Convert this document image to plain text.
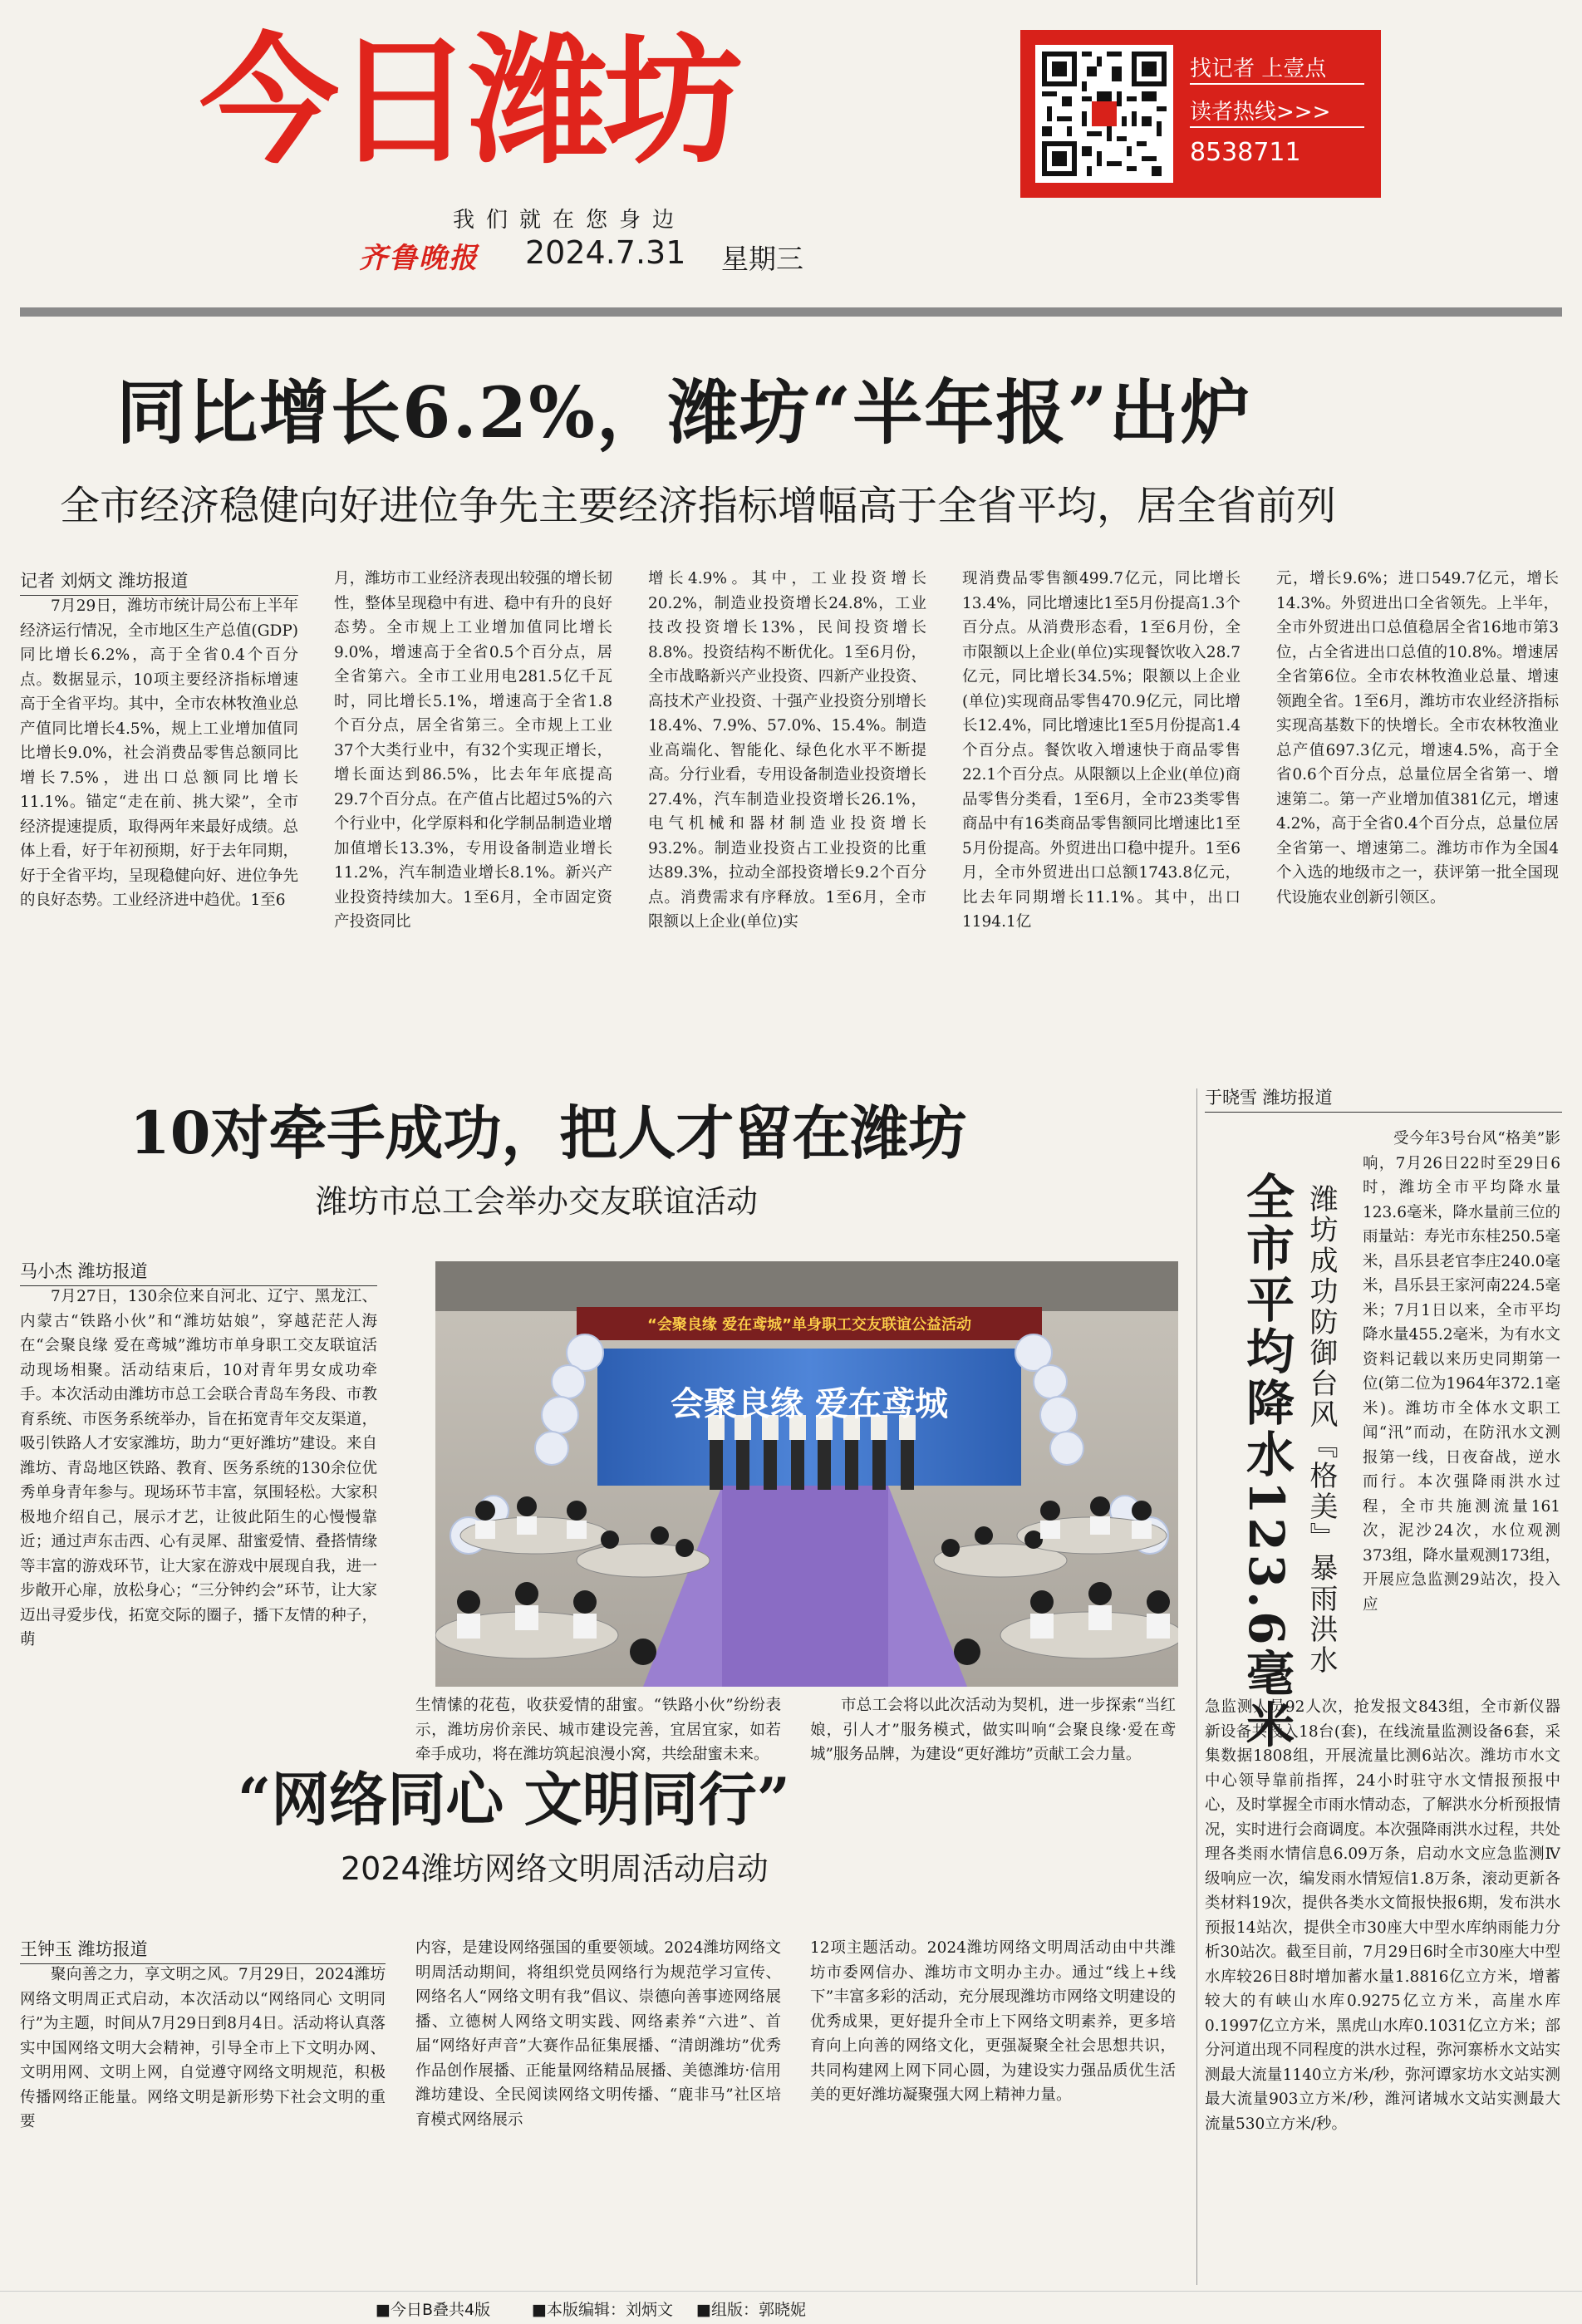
今日潍坊
我们就在您身边
齐鲁晚报 2024.7.31 星期三
找记者 上壹点
读者热线>>>
8538711
同比增长6.2%，潍坊“半年报”出炉
全市经济稳健向好进位争先主要经济指标增幅高于全省平均，居全省前列
记者 刘炳文 潍坊报道

7月29日，潍坊市统计局公布上半年经济运行情况，全市地区生产总值(GDP)同比增长6.2%，高于全省0.4个百分点。数据显示，10项主要经济指标增速高于全省平均。其中，全市农林牧渔业总产值同比增长4.5%，规上工业增加值同比增长9.0%，社会消费品零售总额同比增长7.5%，进出口总额同比增长11.1%。锚定“走在前、挑大梁”，全市经济提速提质，取得两年来最好成绩。总体上看，好于年初预期，好于去年同期，好于全省平均，呈现稳健向好、进位争先的良好态势。工业经济进中趋优。1至6

月，潍坊市工业经济表现出较强的增长韧性，整体呈现稳中有进、稳中有升的良好态势。全市规上工业增加值同比增长9.0%，增速高于全省0.5个百分点，居全省第六。全市工业用电281.5亿千瓦时，同比增长5.1%，增速高于全省1.8个百分点，居全省第三。全市规上工业37个大类行业中，有32个实现正增长，增长面达到86.5%，比去年年底提高29.7个百分点。在产值占比超过5%的六个行业中，化学原料和化学制品制造业增加值增长13.3%，专用设备制造业增长11.2%，汽车制造业增长8.1%。新兴产业投资持续加大。1至6月，全市固定资产投资同比

增长4.9%。其中，工业投资增长20.2%，制造业投资增长24.8%，工业技改投资增长13%，民间投资增长8.8%。投资结构不断优化。1至6月份，全市战略新兴产业投资、四新产业投资、高技术产业投资、十强产业投资分别增长18.4%、7.9%、57.0%、15.4%。制造业高端化、智能化、绿色化水平不断提高。分行业看，专用设备制造业投资增长27.4%，汽车制造业投资增长26.1%，电气机械和器材制造业投资增长93.2%。制造业投资占工业投资的比重达89.3%，拉动全部投资增长9.2个百分点。消费需求有序释放。1至6月，全市限额以上企业(单位)实

现消费品零售额499.7亿元，同比增长13.4%，同比增速比1至5月份提高1.3个百分点。从消费形态看，1至6月份，全市限额以上企业(单位)实现餐饮收入28.7亿元，同比增长34.5%；限额以上企业(单位)实现商品零售470.9亿元，同比增长12.4%，同比增速比1至5月份提高1.4个百分点。餐饮收入增速快于商品零售22.1个百分点。从限额以上企业(单位)商品零售分类看，1至6月，全市23类零售商品中有16类商品零售额同比增速比1至5月份提高。外贸进出口稳中提升。1至6月，全市外贸进出口总额1743.8亿元，比去年同期增长11.1%。其中，出口1194.1亿

元，增长9.6%；进口549.7亿元，增长14.3%。外贸进出口全省领先。上半年，全市外贸进出口总值稳居全省16地市第3位，占全省进出口总值的10.8%。增速居全省第6位。全市农林牧渔业总量、增速领跑全省。1至6月，潍坊市农业经济指标实现高基数下的快增长。全市农林牧渔业总产值697.3亿元，增速4.5%，高于全省0.6个百分点，总量位居全省第一、增速第二。第一产业增加值381亿元，增速4.2%，高于全省0.4个百分点，总量位居全省第一、增速第二。潍坊市作为全国4个入选的地级市之一，获评第一批全国现代设施农业创新引领区。

10对牵手成功，把人才留在潍坊
潍坊市总工会举办交友联谊活动
马小杰 潍坊报道

7月27日，130余位来自河北、辽宁、黑龙江、内蒙古“铁路小伙”和“潍坊姑娘”，穿越茫茫人海在“会聚良缘 爱在鸢城”潍坊市单身职工交友联谊活动现场相聚。活动结束后，10对青年男女成功牵手。本次活动由潍坊市总工会联合青岛车务段、市教育系统、市医务系统举办，旨在拓宽青年交友渠道，吸引铁路人才安家潍坊，助力“更好潍坊”建设。来自潍坊、青岛地区铁路、教育、医务系统的130余位优秀单身青年参与。现场环节丰富，氛围轻松。大家积极地介绍自己，展示才艺，让彼此陌生的心慢慢靠近；通过声东击西、心有灵犀、甜蜜爱情、叠搭情缘等丰富的游戏环节，让大家在游戏中展现自我，进一步敞开心扉，放松身心；“三分钟约会”环节，让大家迈出寻爱步伐，拓宽交际的圈子，播下友情的种子，萌

“会聚良缘 爱在鸢城”单身职工交友联谊公益活动
会聚良缘 爱在鸢城

生情愫的花苞，收获爱情的甜蜜。“铁路小伙”纷纷表示，潍坊房价亲民、城市建设完善，宜居宜家，如若牵手成功，将在潍坊筑起浪漫小窝，共绘甜蜜未来。

市总工会将以此次活动为契机，进一步探索“当红娘，引人才”服务模式，做实叫响“会聚良缘·爱在鸢城”服务品牌，为建设“更好潍坊”贡献工会力量。

“网络同心 文明同行”
2024潍坊网络文明周活动启动
王钟玉 潍坊报道

聚向善之力，享文明之风。7月29日，2024潍坊网络文明周正式启动，本次活动以“网络同心 文明同行”为主题，时间从7月29日到8月4日。活动将认真落实中国网络文明大会精神，引导全市上下文明办网、文明用网、文明上网，自觉遵守网络文明规范，积极传播网络正能量。网络文明是新形势下社会文明的重要

内容，是建设网络强国的重要领域。2024潍坊网络文明周活动期间，将组织党员网络行为规范学习宣传、网络名人“网络文明有我”倡议、崇德向善事迹网络展播、立德树人网络文明实践、网络素养“六进”、首届“网络好声音”大赛作品征集展播、“清朗潍坊”优秀作品创作展播、正能量网络精品展播、美德潍坊·信用潍坊建设、全民阅读网络文明传播、“鹿非马”社区培育模式网络展示

12项主题活动。2024潍坊网络文明周活动由中共潍坊市委网信办、潍坊市文明办主办。通过“线上+线下”丰富多彩的活动，充分展现潍坊市网络文明建设的优秀成果，更好提升全市上下网络文明素养，更多培育向上向善的网络文化，更强凝聚全社会思想共识，共同构建网上网下同心圆，为建设实力强品质优生活美的更好潍坊凝聚强大网上精神力量。

于晓雪 潍坊报道
全市平均降水123.6毫米 潍坊成功防御台风『格美』暴雨洪水

受今年3号台风“格美”影响，7月26日22时至29日6时，潍坊全市平均降水量123.6毫米，降水量前三位的雨量站：寿光市东桂250.5毫米，昌乐县老官李庄240.0毫米，昌乐县王家河南224.5毫米；7月1日以来，全市平均降水量455.2毫米，为有水文资料记载以来历史同期第一位(第二位为1964年372.1毫米)。潍坊市全体水文职工闻“汛”而动，在防汛水文测报第一线，日夜奋战，逆水而行。本次强降雨洪水过程，全市共施测流量161次，泥沙24次，水位观测373组，降水量观测173组，开展应急监测29站次，投入应

急监测人员92人次，抢发报文843组，全市新仪器新设备共投入18台(套)，在线流量监测设备6套，采集数据1808组，开展流量比测6站次。潍坊市水文中心领导靠前指挥，24小时驻守水文情报预报中心，及时掌握全市雨水情动态，了解洪水分析预报情况，实时进行会商调度。本次强降雨洪水过程，共处理各类雨水情信息6.09万条，启动水文应急监测Ⅳ级响应一次，编发雨水情短信1.8万条，滚动更新各类材料19次，提供各类水文简报快报6期，发布洪水预报14站次，提供全市30座大中型水库纳雨能力分析30站次。截至目前，7月29日6时全市30座大中型水库较26日8时增加蓄水量1.8816亿立方米，增蓄较大的有峡山水库0.9275亿立方米，高崖水库0.1997亿立方米，黑虎山水库0.1031亿立方米；部分河道出现不同程度的洪水过程，弥河寨桥水文站实测最大流量1140立方米/秒，弥河谭家坊水文站实测最大流量903立方米/秒，潍河诸城水文站实测最大流量530立方米/秒。

■今日B叠共4版	■本版编辑：刘炳文 ■组版：郭晓妮
